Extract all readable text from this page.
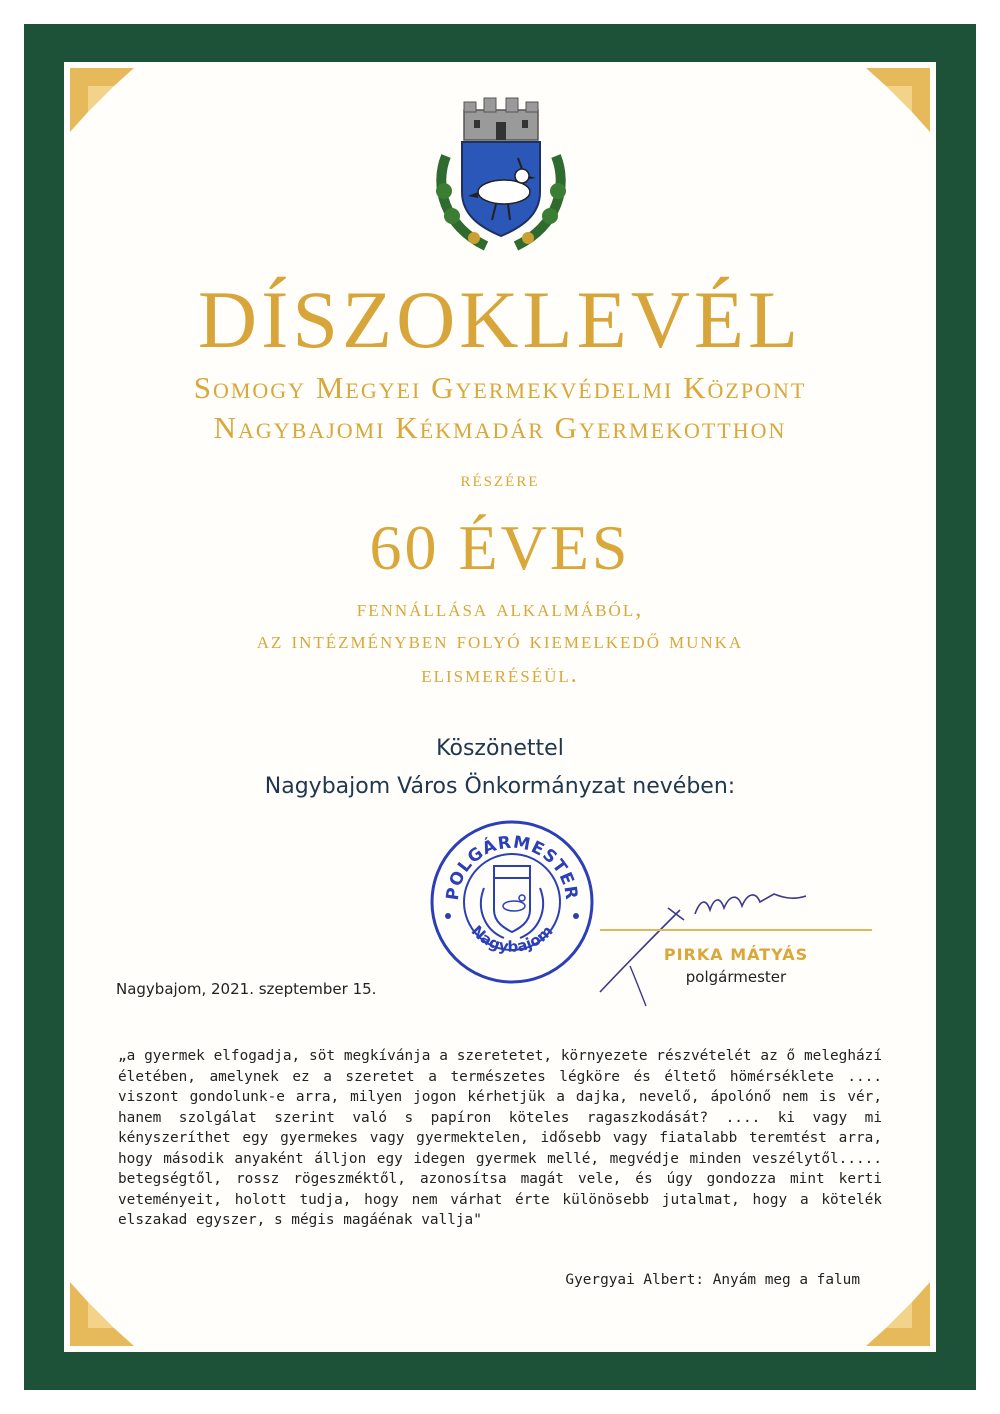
DÍSZOKLEVÉL
Somogy Megyei Gyermekvédelmi Központ
Nagybajomi Kékmadár Gyermekotthon
részére
60 ÉVES
fennállása alkalmából,
az intézményben folyó kiemelkedő munka
elismeréséül.
Köszönettel
Nagybajom Város Önkormányzat nevében:
POLGÁRMESTER
Nagybajom
PIRKA MÁTYÁS
polgármester
Nagybajom, 2021. szeptember 15.
„a gyermek elfogadja, söt megkívánja a szeretetet, környezete részvételét az ő meleghází életében, amelynek ez a szeretet a természetes légköre és éltető hömérséklete .... viszont gondolunk-e arra, milyen jogon kérhetjük a dajka, nevelő, ápolónő nem is vér, hanem szolgálat szerint való s papíron köteles ragaszkodását? .... ki vagy mi kényszeríthet egy gyermekes vagy gyermektelen, idősebb vagy fiatalabb teremtést arra, hogy második anyaként álljon egy idegen gyermek mellé, megvédje minden veszélytől..... betegségtől, rossz rögeszméktől, azonosítsa magát vele, és úgy gondozza mint kerti veteményeit, holott tudja, hogy nem várhat érte különösebb jutalmat, hogy a kötelék elszakad egyszer, s mégis magáénak vallja"
Gyergyai Albert: Anyám meg a falum
